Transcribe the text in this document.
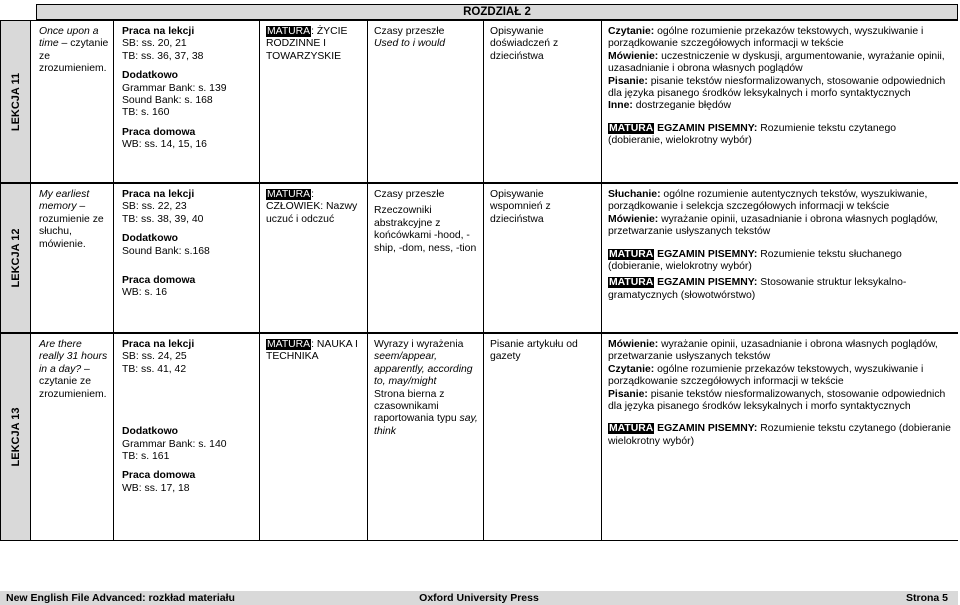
ROZDZIAŁ 2
LEKCJA 11
Once upon a time – czytanie ze zrozumieniem.
Praca na lekcji
SB: ss. 20, 21
TB: ss. 36, 37, 38
Dodatkowo
Grammar Bank: s. 139
Sound Bank: s. 168
TB: s. 160
Praca domowa
WB: ss. 14, 15, 16
MATURA: ŻYCIE RODZINNE I TOWARZYSKIE
Czasy przeszłe
Used to i would
Opisywanie doświadczeń z dzieciństwa
Czytanie: ogólne rozumienie przekazów tekstowych, wyszukiwanie i porządkowanie szczegółowych informacji w tekście
Mówienie: uczestniczenie w dyskusji, argumentowanie, wyrażanie opinii, uzasadnianie i obrona własnych poglądów
Pisanie: pisanie tekstów niesformalizowanych, stosowanie odpowiednich dla języka pisanego środków leksykalnych i morfo syntaktycznych
Inne: dostrzeganie błędów
MATURA EGZAMIN PISEMNY: Rozumienie tekstu czytanego (dobieranie, wielokrotny wybór)
LEKCJA 12
My earliest memory – rozumienie ze słuchu, mówienie.
Praca na lekcji
SB: ss. 22, 23
TB: ss. 38, 39, 40
Dodatkowo
Sound Bank: s.168
Praca domowa
WB: s. 16
MATURA: CZŁOWIEK: Nazwy uczuć i odczuć
Czasy przeszłe
Rzeczowniki abstrakcyjne z końcówkami -hood, -ship, -dom, ness, -tion
Opisywanie wspomnień z dzieciństwa
Słuchanie: ogólne rozumienie autentycznych tekstów, wyszukiwanie, porządkowanie i selekcja szczegółowych informacji w tekście
Mówienie: wyrażanie opinii, uzasadnianie i obrona własnych poglądów, przetwarzanie usłyszanych tekstów
MATURA EGZAMIN PISEMNY: Rozumienie tekstu słuchanego (dobieranie, wielokrotny wybór)
MATURA EGZAMIN PISEMNY: Stosowanie struktur leksykalno-gramatycznych (słowotwórstwo)
LEKCJA 13
Are there really 31 hours in a day? – czytanie ze zrozumieniem.
Praca na lekcji
SB: ss. 24, 25
TB: ss. 41, 42
Dodatkowo
Grammar Bank: s. 140
TB: s. 161
Praca domowa
WB: ss. 17, 18
MATURA: NAUKA I TECHNIKA
Wyrazy i wyrażenia
seem/appear, apparently, according to, may/might
Strona bierna z czasownikami raportowania typu say, think
Pisanie artykułu od gazety
Mówienie: wyrażanie opinii, uzasadnianie i obrona własnych poglądów, przetwarzanie usłyszanych tekstów
Czytanie: ogólne rozumienie przekazów tekstowych, wyszukiwanie i porządkowanie szczegółowych informacji w tekście
Pisanie: pisanie tekstów niesformalizowanych, stosowanie odpowiednich dla języka pisanego środków leksykalnych i morfo syntaktycznych
MATURA EGZAMIN PISEMNY: Rozumienie tekstu czytanego (dobieranie wielokrotny wybór)
Oxford University Press
New English File Advanced: rozkład materiału	Strona 5
